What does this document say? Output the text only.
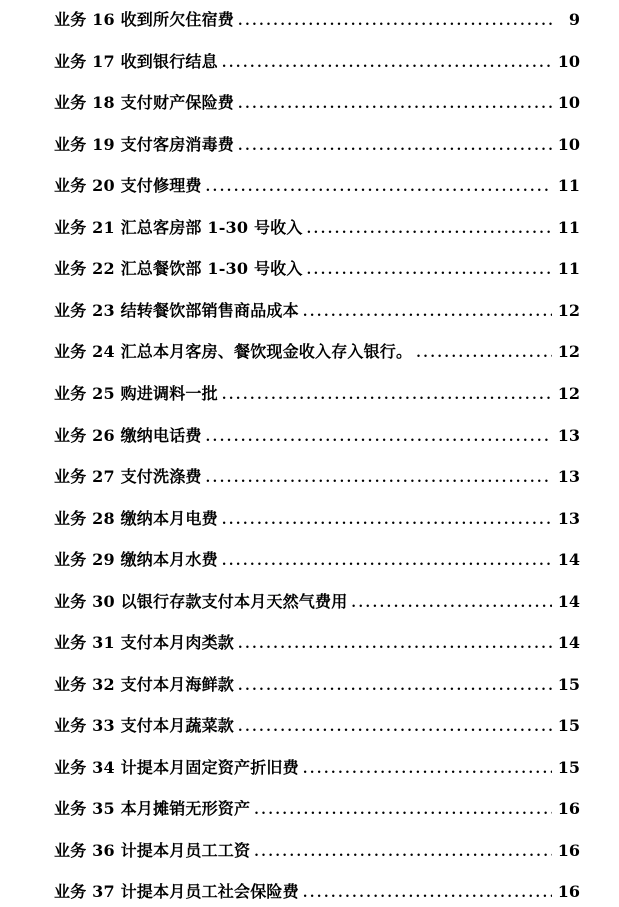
业务 16 收到所欠住宿费 . . .	9
业务 17 收到银行结息 . . .	10
业务 18 支付财产保险费 . . .	10
业务 19 支付客房消毒费 . . .	10
业务 20 支付修理费 . . .	11
业务 21 汇总客房部 1-30 号收入 . . .	11
业务 22 汇总餐饮部 1-30 号收入 . . .	11
业务 23 结转餐饮部销售商品成本 . . .	12
业务 24 汇总本月客房、餐饮现金收入存入银行。 . . .	12
业务 25 购进调料一批 . . .	12
业务 26 缴纳电话费 . . .	13
业务 27 支付洗涤费 . . .	13
业务 28 缴纳本月电费 . . .	13
业务 29 缴纳本月水费 . . .	14
业务 30 以银行存款支付本月天然气费用 . . .	14
业务 31 支付本月肉类款 . . .	14
业务 32 支付本月海鲜款 . . .	15
业务 33 支付本月蔬菜款 . . .	15
业务 34 计提本月固定资产折旧费 . . .	15
业务 35 本月摊销无形资产 . . .	16
业务 36 计提本月员工工资 . . .	16
业务 37 计提本月员工社会保险费 . . .	16
